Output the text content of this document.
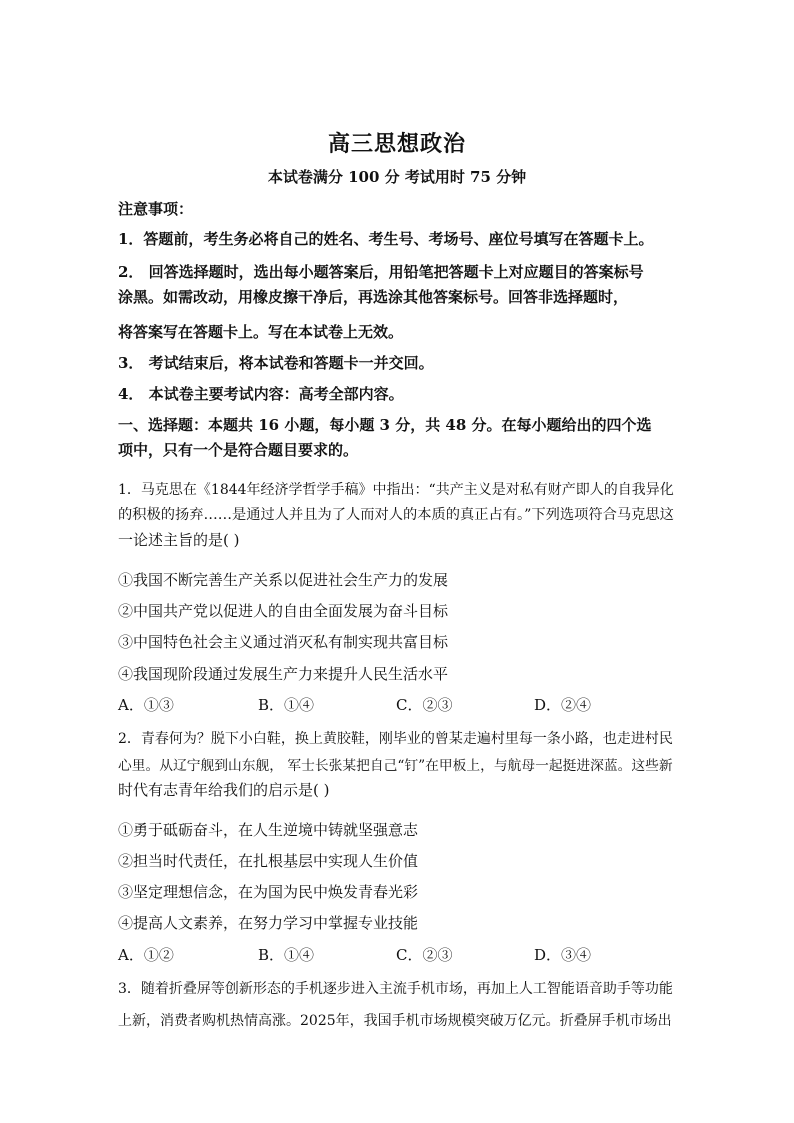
高三思想政治
本试卷满分 100 分 考试用时 75 分钟
注意事项：
1．答题前，考生务必将自己的姓名、考生号、考场号、座位号填写在答题卡上。
2． 回答选择题时，选出每小题答案后，用铅笔把答题卡上对应题目的答案标号
涂黑。如需改动，用橡皮擦干净后，再选涂其他答案标号。回答非选择题时，
将答案写在答题卡上。写在本试卷上无效。
3． 考试结束后，将本试卷和答题卡一并交回。
4． 本试卷主要考试内容：高考全部内容。
一、选择题：本题共 16 小题，每小题 3 分，共 48 分。在每小题给出的四个选
项中，只有一个是符合题目要求的。
1．马克思在《1844年经济学哲学手稿》中指出：“共产主义是对私有财产即人的自我异化
的积极的扬弃……是通过人并且为了人而对人的本质的真正占有。”下列选项符合马克思这
一论述主旨的是( )
①我国不断完善生产关系以促进社会生产力的发展
②中国共产党以促进人的自由全面发展为奋斗目标
③中国特色社会主义通过消灭私有制实现共富目标
④我国现阶段通过发展生产力来提升人民生活水平
A．①③	B．①④	C．②③	D．②④
2．青春何为？脱下小白鞋，换上黄胶鞋，刚毕业的曾某走遍村里每一条小路，也走进村民
心里。从辽宁舰到山东舰， 军士长张某把自己“钉”在甲板上，与航母一起挺进深蓝。这些新
时代有志青年给我们的启示是( )
①勇于砥砺奋斗，在人生逆境中铸就坚强意志
②担当时代责任，在扎根基层中实现人生价值
③坚定理想信念，在为国为民中焕发青春光彩
④提高人文素养，在努力学习中掌握专业技能
A．①②	B．①④	C．②③	D．③④
3．随着折叠屏等创新形态的手机逐步进入主流手机市场，再加上人工智能语音助手等功能
上新，消费者购机热情高涨。2025年，我国手机市场规模突破万亿元。折叠屏手机市场出
